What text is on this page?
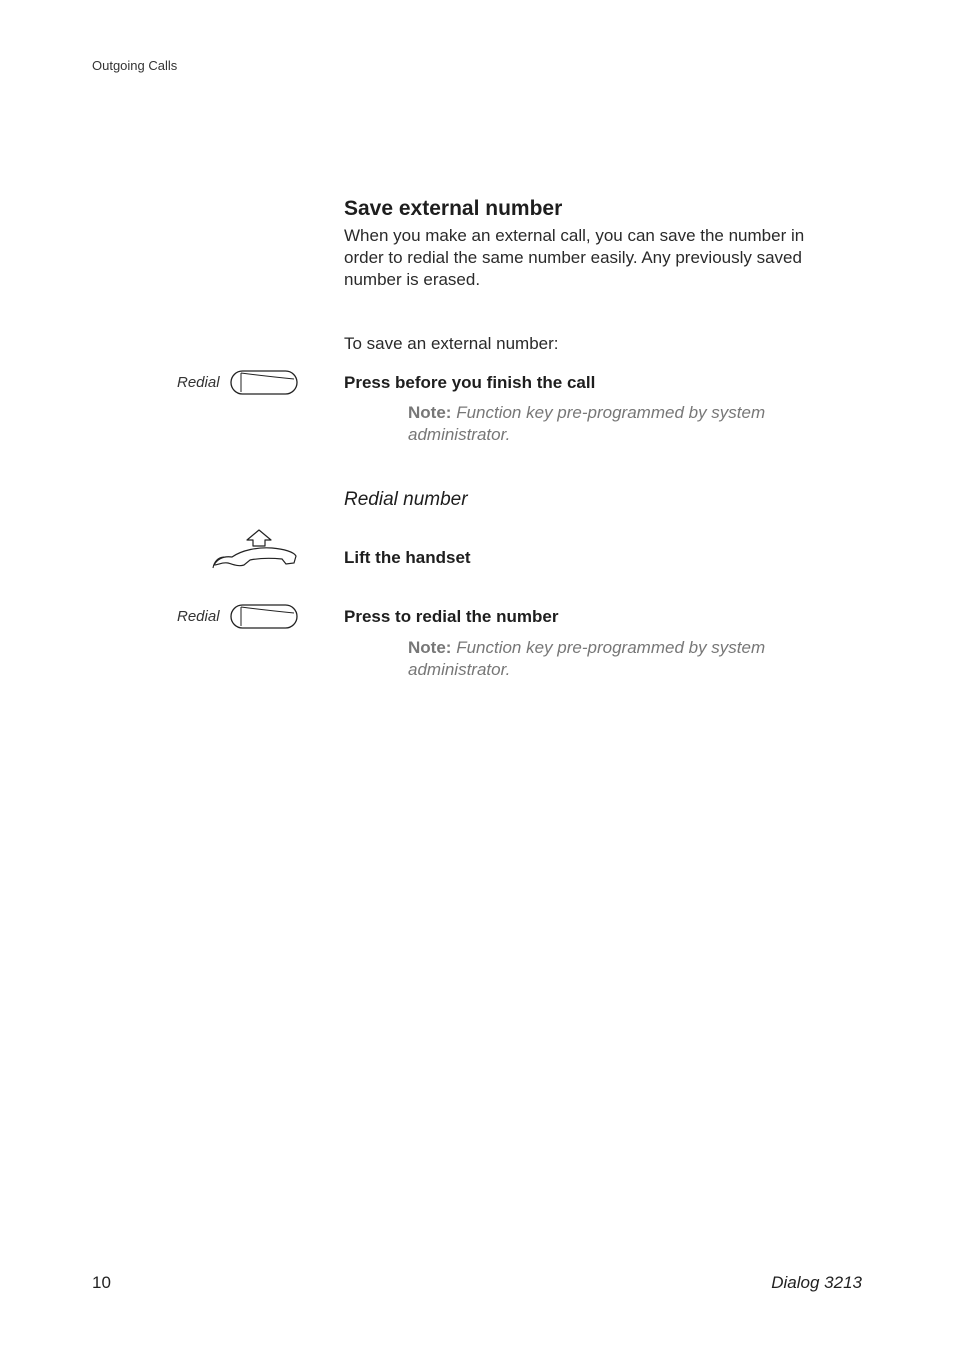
Outgoing Calls
Save external number
When you make an external call, you can save the number in order to redial the same number easily. Any previously saved number is erased.
To save an external number:
Redial	Press before you finish the call
Note: Function key pre-programmed by system administrator.
Redial number
Lift the handset
Redial	Press to redial the number
Note: Function key pre-programmed by system administrator.
10	Dialog 3213
